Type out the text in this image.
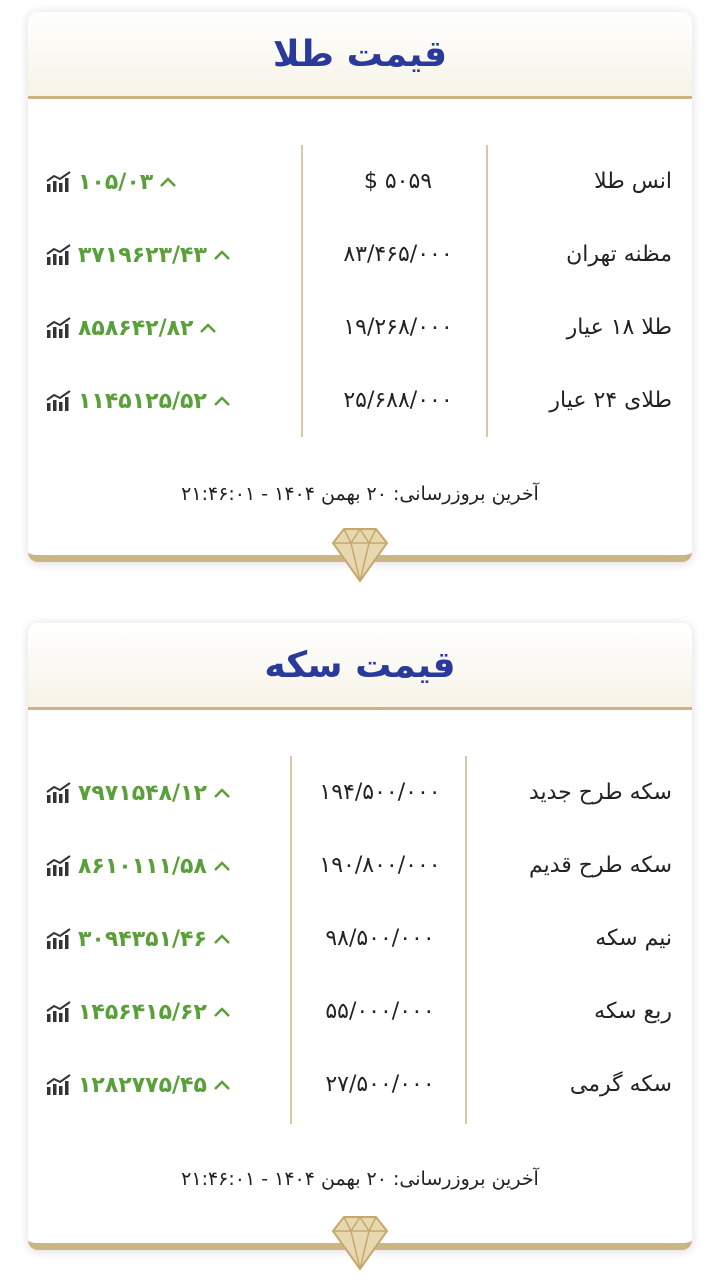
قیمت طلا
انس طلا
۵۰۵۹ $
۱۰۵/۰۳
مظنه تهران
۸۳/۴۶۵/۰۰۰
۳۷۱۹۶۲۳/۴۳
طلا ۱۸ عیار
۱۹/۲۶۸/۰۰۰
۸۵۸۶۴۲/۸۲
طلای ۲۴ عیار
۲۵/۶۸۸/۰۰۰
۱۱۴۵۱۲۵/۵۲
آخرین بروزرسانی: ۲۰ بهمن ۱۴۰۴ - ۲۱:۴۶:۰۱
قیمت سکه
سکه طرح جدید
۱۹۴/۵۰۰/۰۰۰
۷۹۷۱۵۴۸/۱۲
سکه طرح قدیم
۱۹۰/۸۰۰/۰۰۰
۸۶۱۰۱۱۱/۵۸
نیم سکه
۹۸/۵۰۰/۰۰۰
۳۰۹۴۳۵۱/۴۶
ربع سکه
۵۵/۰۰۰/۰۰۰
۱۴۵۶۴۱۵/۶۲
سکه گرمی
۲۷/۵۰۰/۰۰۰
۱۲۸۲۷۷۵/۴۵
آخرین بروزرسانی: ۲۰ بهمن ۱۴۰۴ - ۲۱:۴۶:۰۱
